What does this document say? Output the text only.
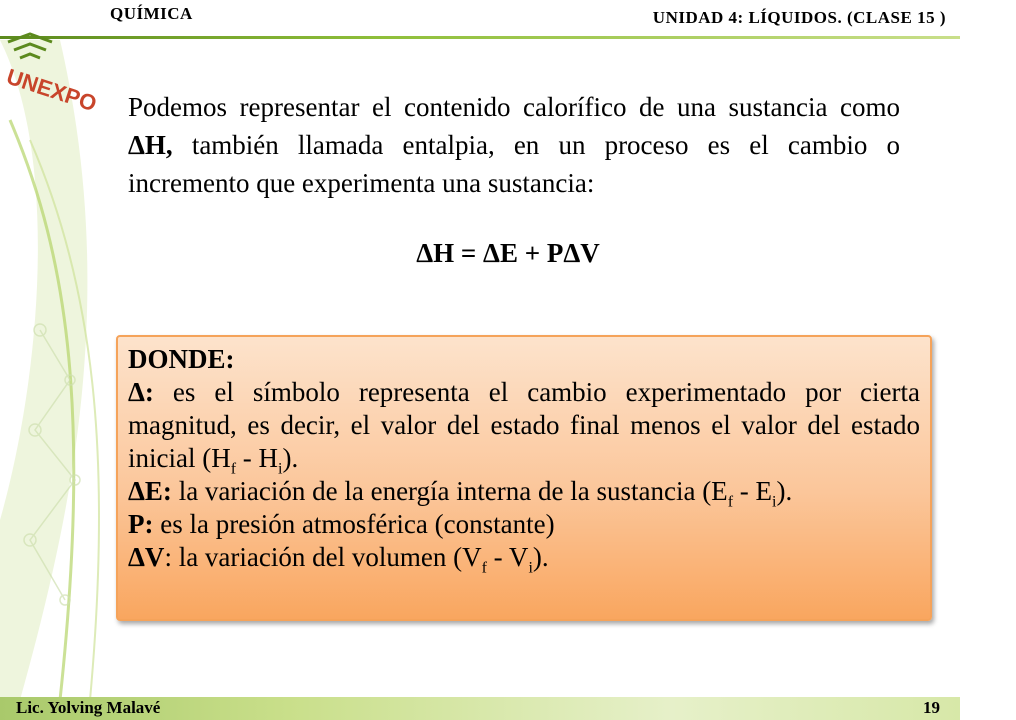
QUÍMICA	UNIDAD 4: LÍQUIDOS. (CLASE 15 )
UNEXPO Podemos representar el contenido calorífico de una sustancia como ΔH, también llamada entalpia, en un proceso es el cambio o incremento que experimenta una sustancia:
ΔH = ΔE + PΔV
DONDE:
Δ: es el símbolo representa el cambio experimentado por cierta magnitud, es decir, el valor del estado final menos el valor del estado inicial $(H_f - H_i)$.
ΔE: la variación de la energía interna de la sustancia $(E_f - E_i)$.
P: es la presión atmosférica (constante)
ΔV: la variación del volumen $(V_f - V_i)$.
Lic. Yolving Malavé	19
